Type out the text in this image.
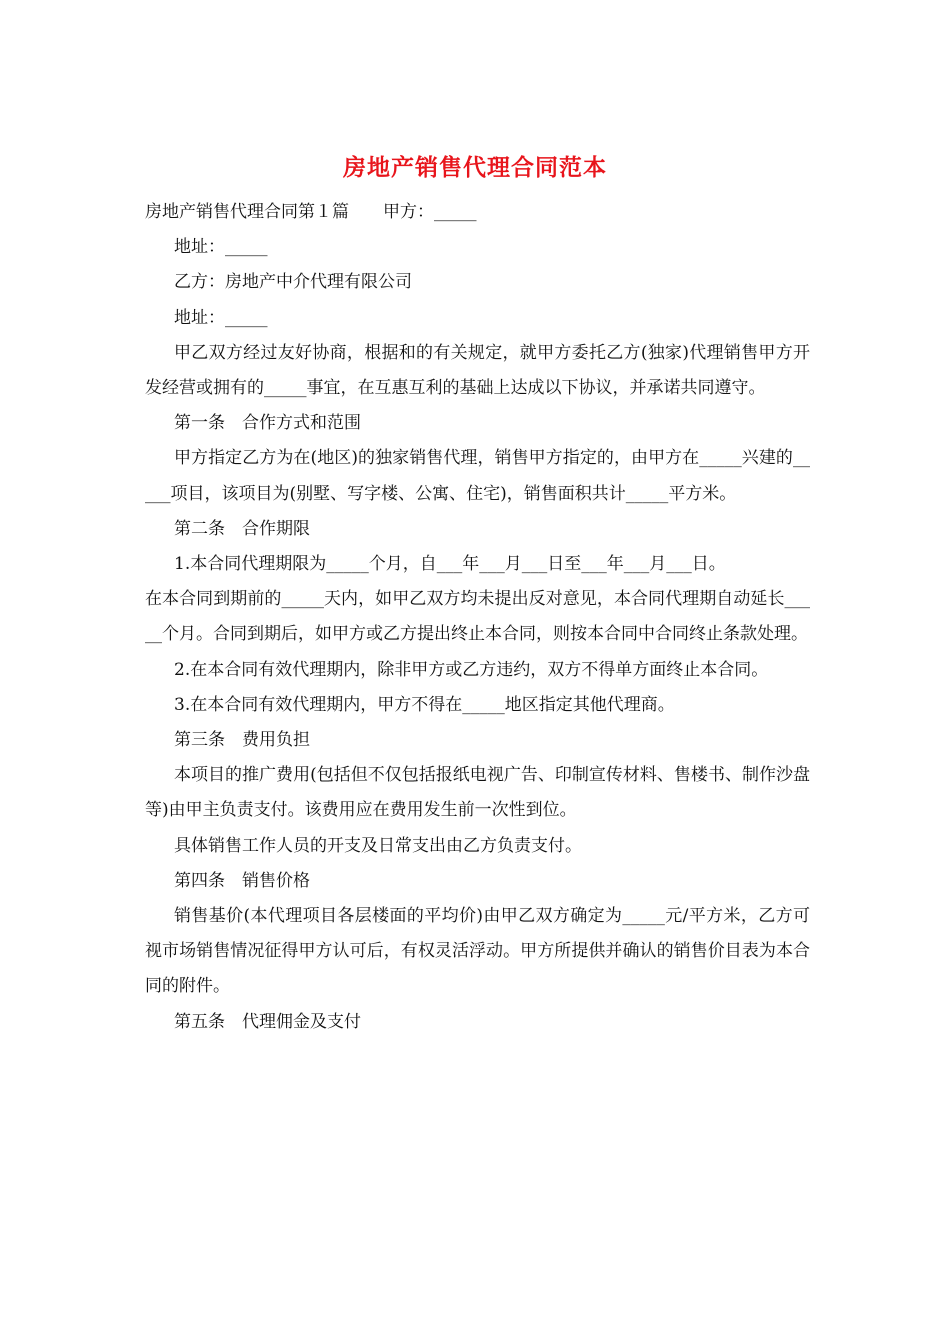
房地产销售代理合同范本

房地产销售代理合同第１篇　　甲方：_____

地址：_____

乙方：房地产中介代理有限公司

地址：_____

甲乙双方经过友好协商，根据和的有关规定，就甲方委托乙方(独家)代理销售甲方开发经营或拥有的_____事宜，在互惠互利的基础上达成以下协议，并承诺共同遵守。

第一条　合作方式和范围

甲方指定乙方为在(地区)的独家销售代理，销售甲方指定的，由甲方在_____兴建的_____项目，该项目为(别墅、写字楼、公寓、住宅)，销售面积共计_____平方米。

第二条　合作期限

1.本合同代理期限为_____个月，自___年___月___日至___年___月___日。

在本合同到期前的_____天内，如甲乙双方均未提出反对意见，本合同代理期自动延长_____个月。合同到期后，如甲方或乙方提出终止本合同，则按本合同中合同终止条款处理。

2.在本合同有效代理期内，除非甲方或乙方违约，双方不得单方面终止本合同。

3.在本合同有效代理期内，甲方不得在_____地区指定其他代理商。

第三条　费用负担

本项目的推广费用(包括但不仅包括报纸电视广告、印制宣传材料、售楼书、制作沙盘等)由甲主负责支付。该费用应在费用发生前一次性到位。

具体销售工作人员的开支及日常支出由乙方负责支付。

第四条　销售价格

销售基价(本代理项目各层楼面的平均价)由甲乙双方确定为_____元/平方米，乙方可视市场销售情况征得甲方认可后，有权灵活浮动。甲方所提供并确认的销售价目表为本合同的附件。

第五条　代理佣金及支付
